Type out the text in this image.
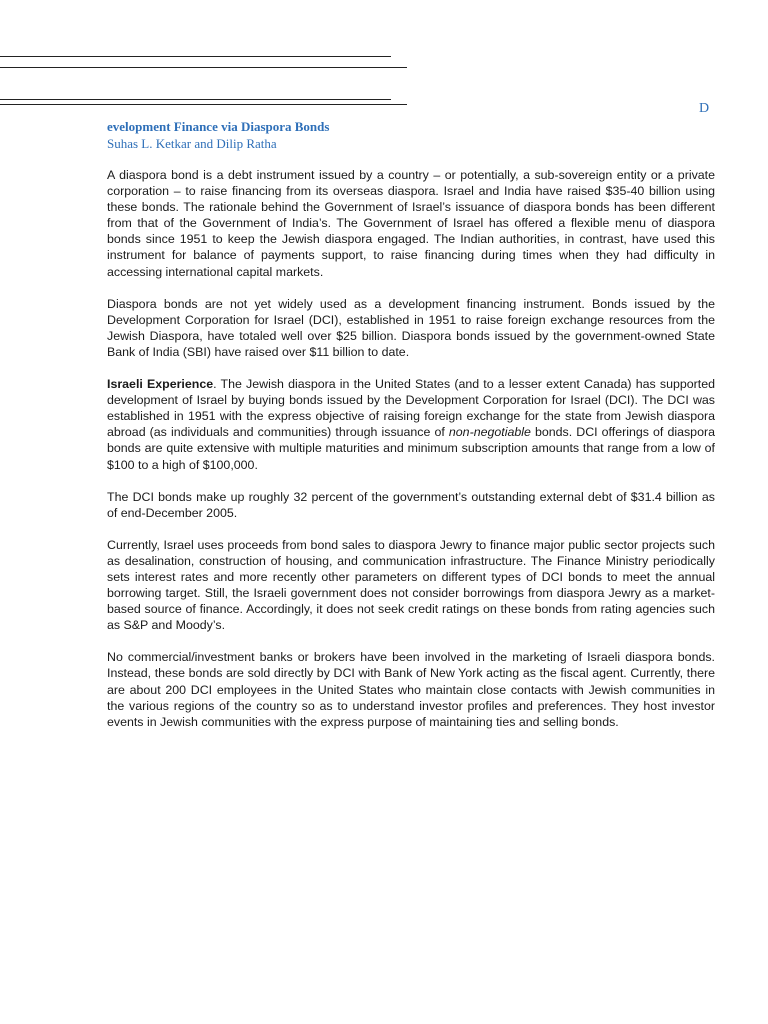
D
evelopment Finance via Diaspora Bonds
Suhas L. Ketkar and Dilip Ratha

A diaspora bond is a debt instrument issued by a country – or potentially, a sub-sovereign entity or a private corporation – to raise financing from its overseas diaspora. Israel and India have raised $35-40 billion using these bonds. The rationale behind the Government of Israel’s issuance of diaspora bonds has been different from that of the Government of India’s. The Government of Israel has offered a flexible menu of diaspora bonds since 1951 to keep the Jewish diaspora engaged. The Indian authorities, in contrast, have used this instrument for balance of payments support, to raise financing during times when they had difficulty in accessing international capital markets.

Diaspora bonds are not yet widely used as a development financing instrument. Bonds issued by the Development Corporation for Israel (DCI), established in 1951 to raise foreign exchange resources from the Jewish Diaspora, have totaled well over $25 billion. Diaspora bonds issued by the government-owned State Bank of India (SBI) have raised over $11 billion to date.

Israeli Experience. The Jewish diaspora in the United States (and to a lesser extent Canada) has supported development of Israel by buying bonds issued by the Development Corporation for Israel (DCI). The DCI was established in 1951 with the express objective of raising foreign exchange for the state from Jewish diaspora abroad (as individuals and communities) through issuance of non-negotiable bonds. DCI offerings of diaspora bonds are quite extensive with multiple maturities and minimum subscription amounts that range from a low of $100 to a high of $100,000.

The DCI bonds make up roughly 32 percent of the government’s outstanding external debt of $31.4 billion as of end-December 2005.

Currently, Israel uses proceeds from bond sales to diaspora Jewry to finance major public sector projects such as desalination, construction of housing, and communication infrastructure. The Finance Ministry periodically sets interest rates and more recently other parameters on different types of DCI bonds to meet the annual borrowing target. Still, the Israeli government does not consider borrowings from diaspora Jewry as a market-based source of finance. Accordingly, it does not seek credit ratings on these bonds from rating agencies such as S&P and Moody’s.

No commercial/investment banks or brokers have been involved in the marketing of Israeli diaspora bonds. Instead, these bonds are sold directly by DCI with Bank of New York acting as the fiscal agent. Currently, there are about 200 DCI employees in the United States who maintain close contacts with Jewish communities in the various regions of the country so as to understand investor profiles and preferences. They host investor events in Jewish communities with the express purpose of maintaining ties and selling bonds.
